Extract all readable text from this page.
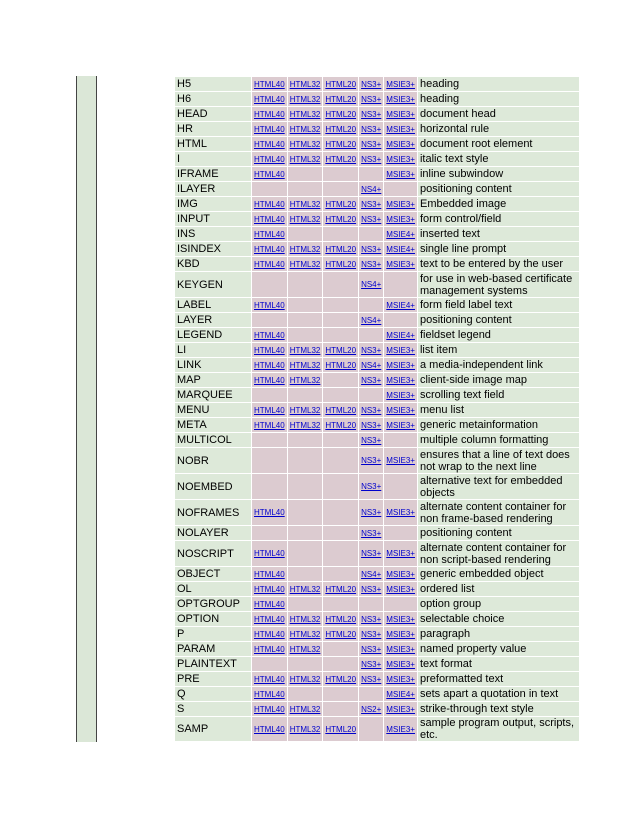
H5	HTML40	HTML32	HTML20	NS3+	MSIE3+	heading
H6	HTML40	HTML32	HTML20	NS3+	MSIE3+	heading
HEAD	HTML40	HTML32	HTML20	NS3+	MSIE3+	document head
HR	HTML40	HTML32	HTML20	NS3+	MSIE3+	horizontal rule
HTML	HTML40	HTML32	HTML20	NS3+	MSIE3+	document root element
I	HTML40	HTML32	HTML20	NS3+	MSIE3+	italic text style
IFRAME	HTML40				MSIE3+	inline subwindow
ILAYER				NS4+		positioning content
IMG	HTML40	HTML32	HTML20	NS3+	MSIE3+	Embedded image
INPUT	HTML40	HTML32	HTML20	NS3+	MSIE3+	form control/field
INS	HTML40				MSIE4+	inserted text
ISINDEX	HTML40	HTML32	HTML20	NS3+	MSIE4+	single line prompt
KBD	HTML40	HTML32	HTML20	NS3+	MSIE3+	text to be entered by the user
KEYGEN				NS4+		for use in web-based certificate management systems
LABEL	HTML40				MSIE4+	form field label text
LAYER				NS4+		positioning content
LEGEND	HTML40				MSIE4+	fieldset legend
LI	HTML40	HTML32	HTML20	NS3+	MSIE3+	list item
LINK	HTML40	HTML32	HTML20	NS4+	MSIE3+	a media-independent link
MAP	HTML40	HTML32		NS3+	MSIE3+	client-side image map
MARQUEE					MSIE3+	scrolling text field
MENU	HTML40	HTML32	HTML20	NS3+	MSIE3+	menu list
META	HTML40	HTML32	HTML20	NS3+	MSIE3+	generic metainformation
MULTICOL				NS3+		multiple column formatting
NOBR				NS3+	MSIE3+	ensures that a line of text does not wrap to the next line
NOEMBED				NS3+		alternative text for embedded objects
NOFRAMES	HTML40			NS3+	MSIE3+	alternate content container for non frame-based rendering
NOLAYER				NS3+		positioning content
NOSCRIPT	HTML40			NS3+	MSIE3+	alternate content container for non script-based rendering
OBJECT	HTML40			NS4+	MSIE3+	generic embedded object
OL	HTML40	HTML32	HTML20	NS3+	MSIE3+	ordered list
OPTGROUP	HTML40					option group
OPTION	HTML40	HTML32	HTML20	NS3+	MSIE3+	selectable choice
P	HTML40	HTML32	HTML20	NS3+	MSIE3+	paragraph
PARAM	HTML40	HTML32		NS3+	MSIE3+	named property value
PLAINTEXT				NS3+	MSIE3+	text format
PRE	HTML40	HTML32	HTML20	NS3+	MSIE3+	preformatted text
Q	HTML40				MSIE4+	sets apart a quotation in text
S	HTML40	HTML32		NS2+	MSIE3+	strike-through text style
SAMP	HTML40	HTML32	HTML20		MSIE3+	sample program output, scripts, etc.
